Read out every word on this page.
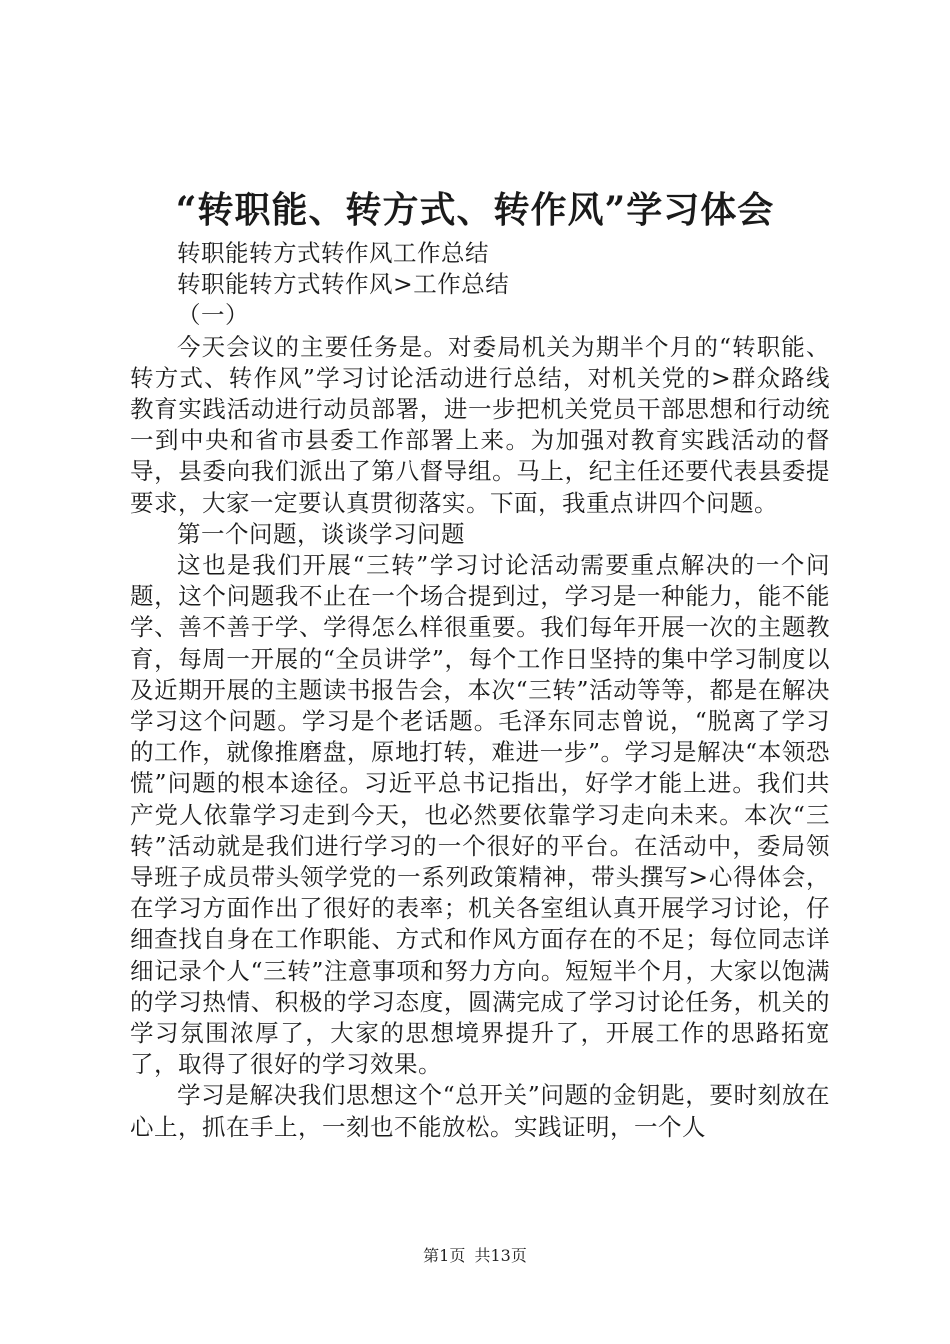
“转职能、转方式、转作风”学习体会

转职能转方式转作风工作总结

转职能转方式转作风>工作总结

（一）

今天会议的主要任务是。对委局机关为期半个月的“转职能、转方式、转作风”学习讨论活动进行总结，对机关党的>群众路线教育实践活动进行动员部署，进一步把机关党员干部思想和行动统一到中央和省市县委工作部署上来。为加强对教育实践活动的督导，县委向我们派出了第八督导组。马上，纪主任还要代表县委提要求，大家一定要认真贯彻落实。下面，我重点讲四个问题。

第一个问题，谈谈学习问题

这也是我们开展“三转”学习讨论活动需要重点解决的一个问题，这个问题我不止在一个场合提到过，学习是一种能力，能不能学、善不善于学、学得怎么样很重要。我们每年开展一次的主题教育，每周一开展的“全员讲学”，每个工作日坚持的集中学习制度以及近期开展的主题读书报告会，本次“三转”活动等等，都是在解决学习这个问题。学习是个老话题。毛泽东同志曾说，“脱离了学习的工作，就像推磨盘，原地打转，难进一步”。学习是解决“本领恐慌”问题的根本途径。习近平总书记指出，好学才能上进。我们共产党人依靠学习走到今天，也必然要依靠学习走向未来。本次“三转”活动就是我们进行学习的一个很好的平台。在活动中，委局领导班子成员带头领学党的一系列政策精神，带头撰写>心得体会，在学习方面作出了很好的表率；机关各室组认真开展学习讨论，仔细查找自身在工作职能、方式和作风方面存在的不足；每位同志详细记录个人“三转”注意事项和努力方向。短短半个月，大家以饱满的学习热情、积极的学习态度，圆满完成了学习讨论任务，机关的学习氛围浓厚了，大家的思想境界提升了，开展工作的思路拓宽了，取得了很好的学习效果。

学习是解决我们思想这个“总开关”问题的金钥匙，要时刻放在心上，抓在手上，一刻也不能放松。实践证明，一个人

第1页 共13页
